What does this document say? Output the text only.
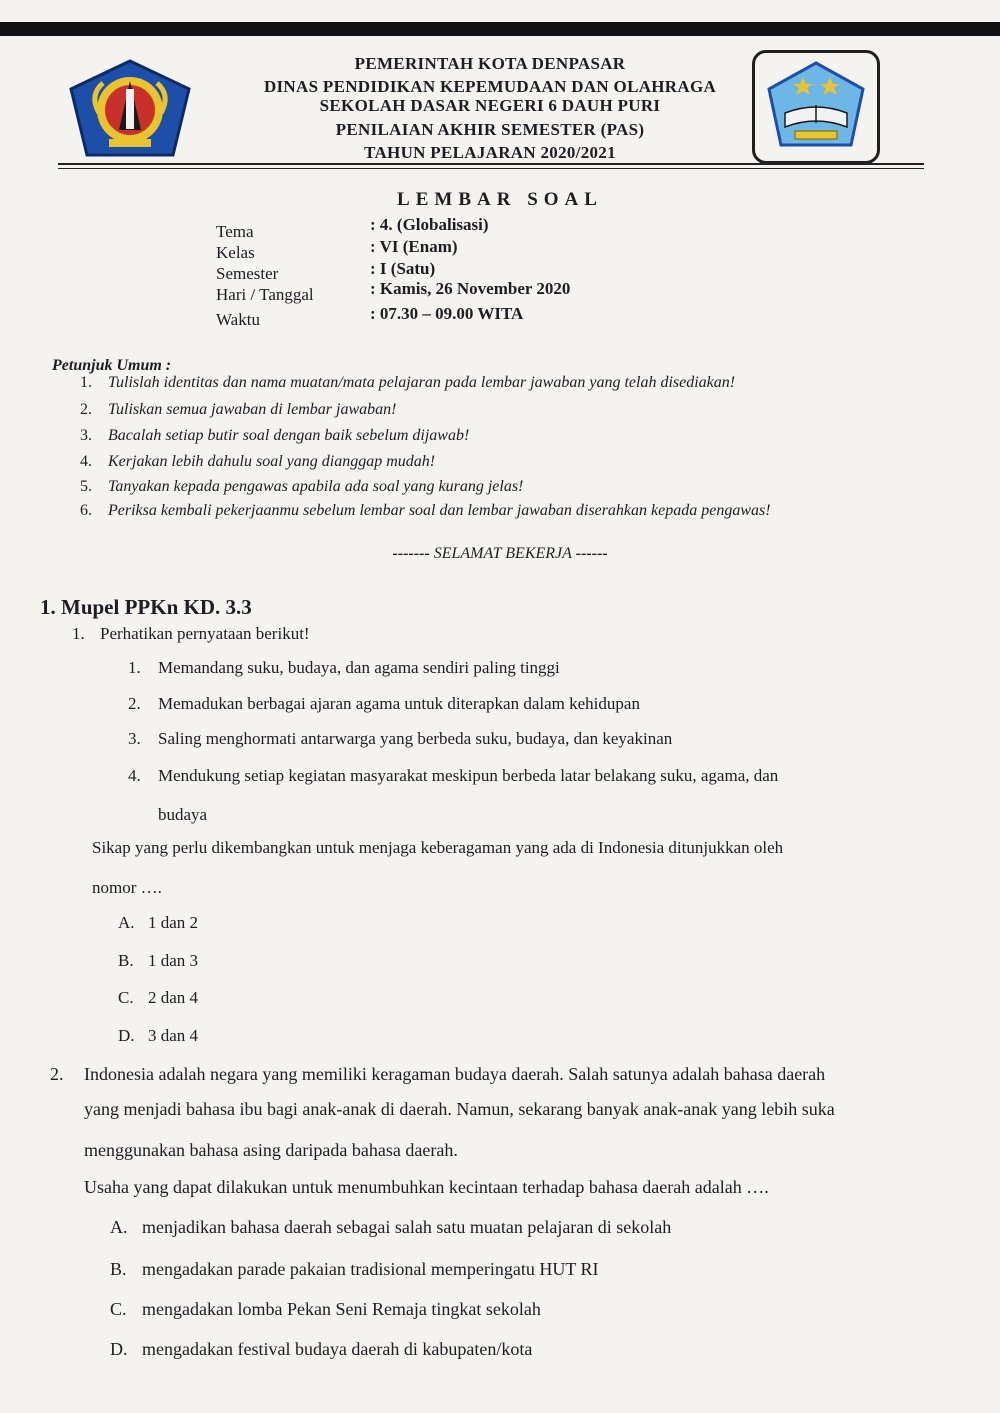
PEMERINTAH KOTA DENPASAR
DINAS PENDIDIKAN KEPEMUDAAN DAN OLAHRAGA
SEKOLAH DASAR NEGERI 6 DAUH PURI
PENILAIAN AKHIR SEMESTER (PAS)
TAHUN PELAJARAN 2020/2021
LEMBAR SOAL
Tema	: 4. (Globalisasi)
Kelas	: VI (Enam)
Semester	: I (Satu)
Hari / Tanggal	: Kamis, 26 November 2020
Waktu	: 07.30 – 09.00 WITA
Petunjuk Umum :
1. Tulislah identitas dan nama muatan/mata pelajaran pada lembar jawaban yang telah disediakan!
2. Tuliskan semua jawaban di lembar jawaban!
3. Bacalah setiap butir soal dengan baik sebelum dijawab!
4. Kerjakan lebih dahulu soal yang dianggap mudah!
5. Tanyakan kepada pengawas apabila ada soal yang kurang jelas!
6. Periksa kembali pekerjaanmu sebelum lembar soal dan lembar jawaban diserahkan kepada pengawas!
------- SELAMAT BEKERJA ------
1. Mupel PPKn KD. 3.3
1. Perhatikan pernyataan berikut!
1. Memandang suku, budaya, dan agama sendiri paling tinggi
2. Memadukan berbagai ajaran agama untuk diterapkan dalam kehidupan
3. Saling menghormati antarwarga yang berbeda suku, budaya, dan keyakinan
4. Mendukung setiap kegiatan masyarakat meskipun berbeda latar belakang suku, agama, dan
budaya
Sikap yang perlu dikembangkan untuk menjaga keberagaman yang ada di Indonesia ditunjukkan oleh
nomor ….
A. 1 dan 2
B. 1 dan 3
C. 2 dan 4
D. 3 dan 4
2. Indonesia adalah negara yang memiliki keragaman budaya daerah. Salah satunya adalah bahasa daerah
yang menjadi bahasa ibu bagi anak-anak di daerah. Namun, sekarang banyak anak-anak yang lebih suka
menggunakan bahasa asing daripada bahasa daerah.
Usaha yang dapat dilakukan untuk menumbuhkan kecintaan terhadap bahasa daerah adalah ….
A. menjadikan bahasa daerah sebagai salah satu muatan pelajaran di sekolah
B. mengadakan parade pakaian tradisional memperingatu HUT RI
C. mengadakan lomba Pekan Seni Remaja tingkat sekolah
D. mengadakan festival budaya daerah di kabupaten/kota
